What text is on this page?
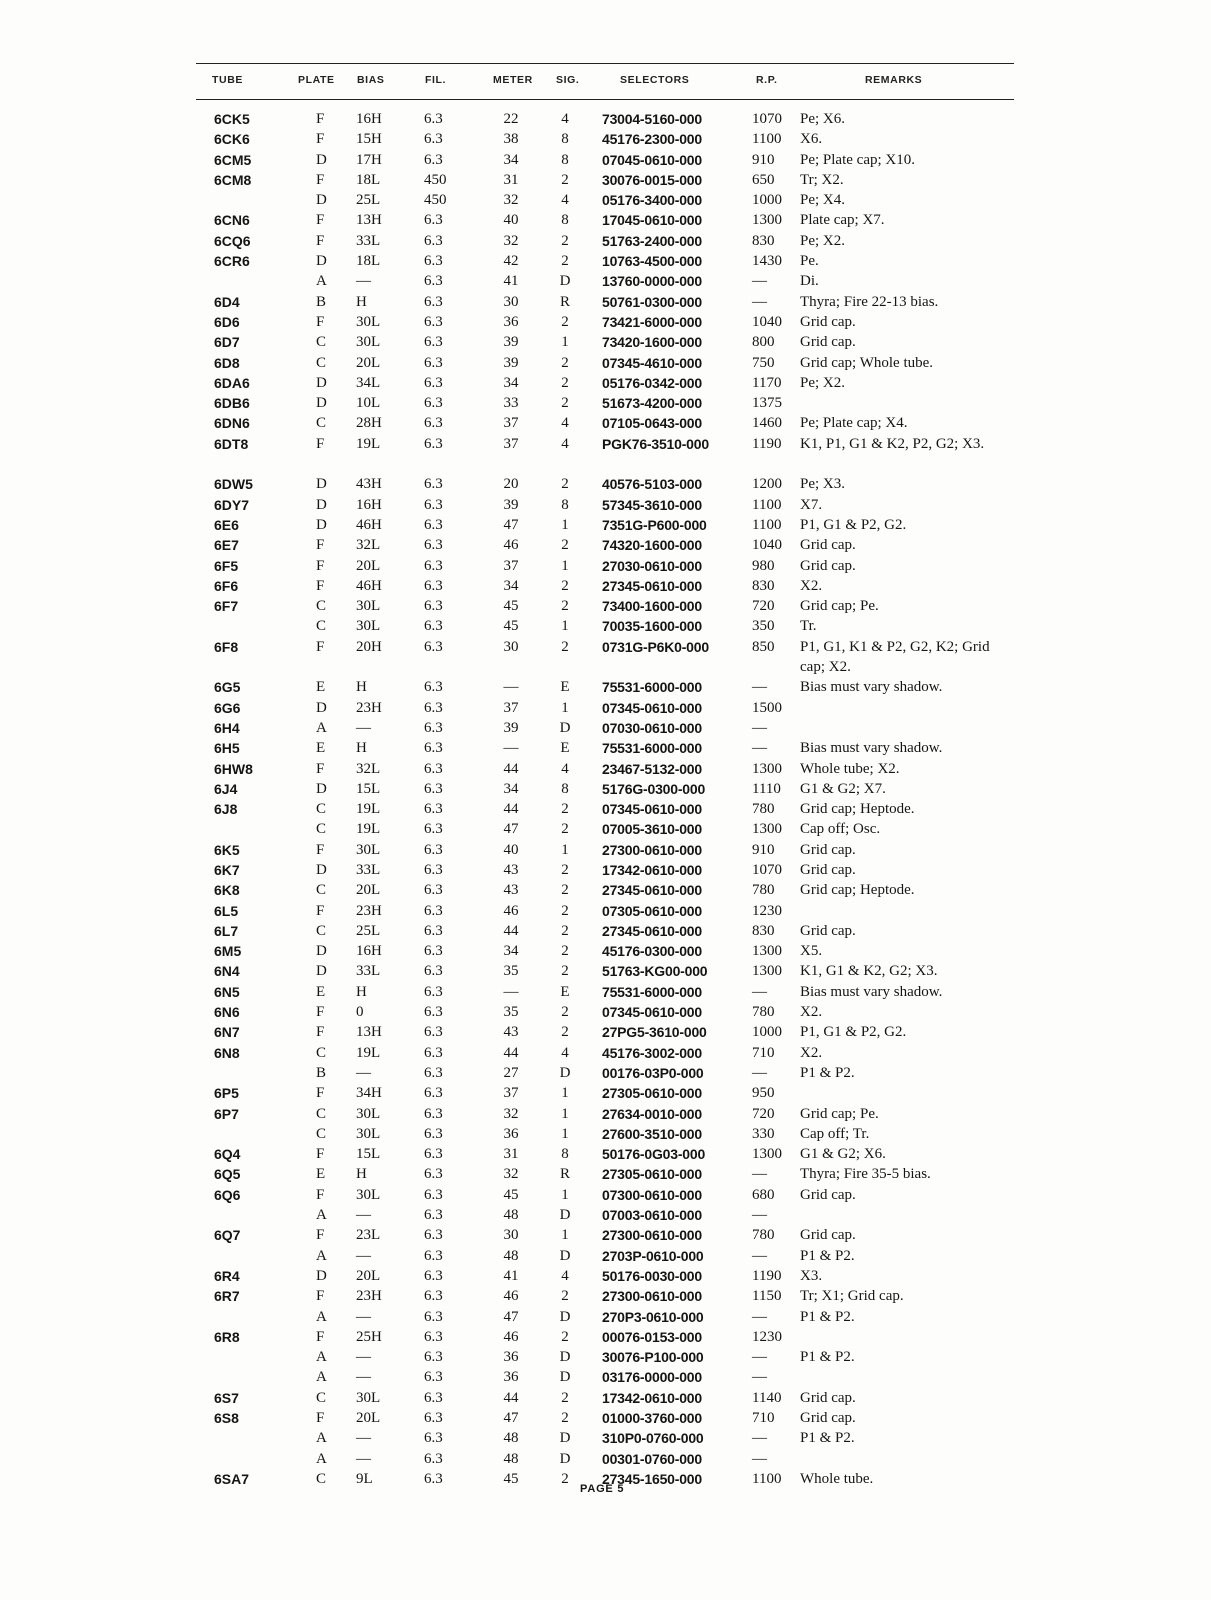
TUBE	PLATE BIAS	FIL.	METER SIG.	SELECTORS	R.P.	REMARKS
6CK5	F 16H	6.3	22	4	73004-5160-000	1070 Pe; X6.
6CK6	F 15H	6.3	38	8	45176-2300-000	1100 X6.
6CM5	D 17H	6.3	34	8	07045-0610-000	910 Pe; Plate cap; X10.
6CM8	F 18L	450	31	2	30076-0015-000	650 Tr; X2.
D 25L	450	32	4	05176-3400-000	1000 Pe; X4.
6CN6	F 13H	6.3	40	8	17045-0610-000	1300 Plate cap; X7.
6CQ6	F 33L	6.3	32	2	51763-2400-000	830 Pe; X2.
6CR6	D 18L	6.3	42	2	10763-4500-000	1430 Pe.
A —	6.3	41	D 13760-0000-000	— Di.
6D4	B H	6.3	30	R 50761-0300-000	— Thyra; Fire 22-13 bias.
6D6	F 30L	6.3	36	2	73421-6000-000	1040 Grid cap.
6D7	C 30L	6.3	39	1	73420-1600-000	800 Grid cap.
6D8	C 20L	6.3	39	2	07345-4610-000	750 Grid cap; Whole tube.
6DA6	D 34L	6.3	34	2	05176-0342-000	1170 Pe; X2.
6DB6	D 10L	6.3	33	2	51673-4200-000	1375
6DN6	C 28H	6.3	37	4	07105-0643-000	1460 Pe; Plate cap; X4.
6DT8	F 19L	6.3	37	4	PGK76-3510-000	1190 K1, P1, G1 & K2, P2, G2; X3.
6DW5	D 43H	6.3	20	2	40576-5103-000	1200 Pe; X3.
6DY7	D 16H	6.3	39	8	57345-3610-000	1100 X7.
6E6	D 46H	6.3	47	1	7351G-P600-000	1100 P1, G1 & P2, G2.
6E7	F 32L	6.3	46	2	74320-1600-000	1040 Grid cap.
6F5	F 20L	6.3	37	1	27030-0610-000	980 Grid cap.
6F6	F 46H	6.3	34	2	27345-0610-000	830 X2.
6F7	C 30L	6.3	45	2	73400-1600-000	720 Grid cap; Pe.
C 30L	6.3	45	1	70035-1600-000	350 Tr.
6F8	F 20H	6.3	30	2	0731G-P6K0-000	850 P1, G1, K1 & P2, G2, K2; Grid cap; X2.
6G5	E H	6.3	—	E	75531-6000-000	— Bias must vary shadow.
6G6	D 23H	6.3	37	1	07345-0610-000	1500
6H4	A —	6.3	39	D 07030-0610-000	—
6H5	E H	6.3	—	E	75531-6000-000	— Bias must vary shadow.
6HW8	F 32L	6.3	44	4	23467-5132-000	1300 Whole tube; X2.
6J4	D 15L	6.3	34	8	5176G-0300-000	1110 G1 & G2; X7.
6J8	C 19L	6.3	44	2	07345-0610-000	780 Grid cap; Heptode.
C 19L	6.3	47	2	07005-3610-000	1300 Cap off; Osc.
6K5	F 30L	6.3	40	1	27300-0610-000	910 Grid cap.
6K7	D 33L	6.3	43	2	17342-0610-000	1070 Grid cap.
6K8	C 20L	6.3	43	2	27345-0610-000	780 Grid cap; Heptode.
6L5	F 23H	6.3	46	2	07305-0610-000	1230
6L7	C 25L	6.3	44	2	27345-0610-000	830 Grid cap.
6M5	D 16H	6.3	34	2	45176-0300-000	1300 X5.
6N4	D 33L	6.3	35	2	51763-KG00-000	1300 K1, G1 & K2, G2; X3.
6N5	E H	6.3	—	E	75531-6000-000	— Bias must vary shadow.
6N6	F 0	6.3	35	2	07345-0610-000	780 X2.
6N7	F 13H	6.3	43	2	27PG5-3610-000	1000 P1, G1 & P2, G2.
6N8	C 19L	6.3	44	4	45176-3002-000	710 X2.
B —	6.3	27	D 00176-03P0-000	— P1 & P2.
6P5	F 34H	6.3	37	1	27305-0610-000	950
6P7	C 30L	6.3	32	1	27634-0010-000	720 Grid cap; Pe.
C 30L	6.3	36	1	27600-3510-000	330 Cap off; Tr.
6Q4	F 15L	6.3	31	8	50176-0G03-000	1300 G1 & G2; X6.
6Q5	E H	6.3	32	R 27305-0610-000	— Thyra; Fire 35-5 bias.
6Q6	F 30L	6.3	45	1	07300-0610-000	680 Grid cap.
A —	6.3	48	D 07003-0610-000	—
6Q7	F 23L	6.3	30	1	27300-0610-000	780 Grid cap.
A —	6.3	48	D 2703P-0610-000	— P1 & P2.
6R4	D 20L	6.3	41	4	50176-0030-000	1190 X3.
6R7	F 23H	6.3	46	2	27300-0610-000	1150 Tr; X1; Grid cap.
A —	6.3	47	D 270P3-0610-000	— P1 & P2.
6R8	F 25H	6.3	46	2	00076-0153-000	1230
A —	6.3	36	D 30076-P100-000	— P1 & P2.
A —	6.3	36	D 03176-0000-000	—
6S7	C 30L	6.3	44	2	17342-0610-000	1140 Grid cap.
6S8	F 20L	6.3	47	2	01000-3760-000	710 Grid cap.
A —	6.3	48	D 310P0-0760-000	— P1 & P2.
A —	6.3	48	D 00301-0760-000	—
6SA7	C 9L	6.3	45	2	27345-1650-000	1100 Whole tube.
PAGE 5
